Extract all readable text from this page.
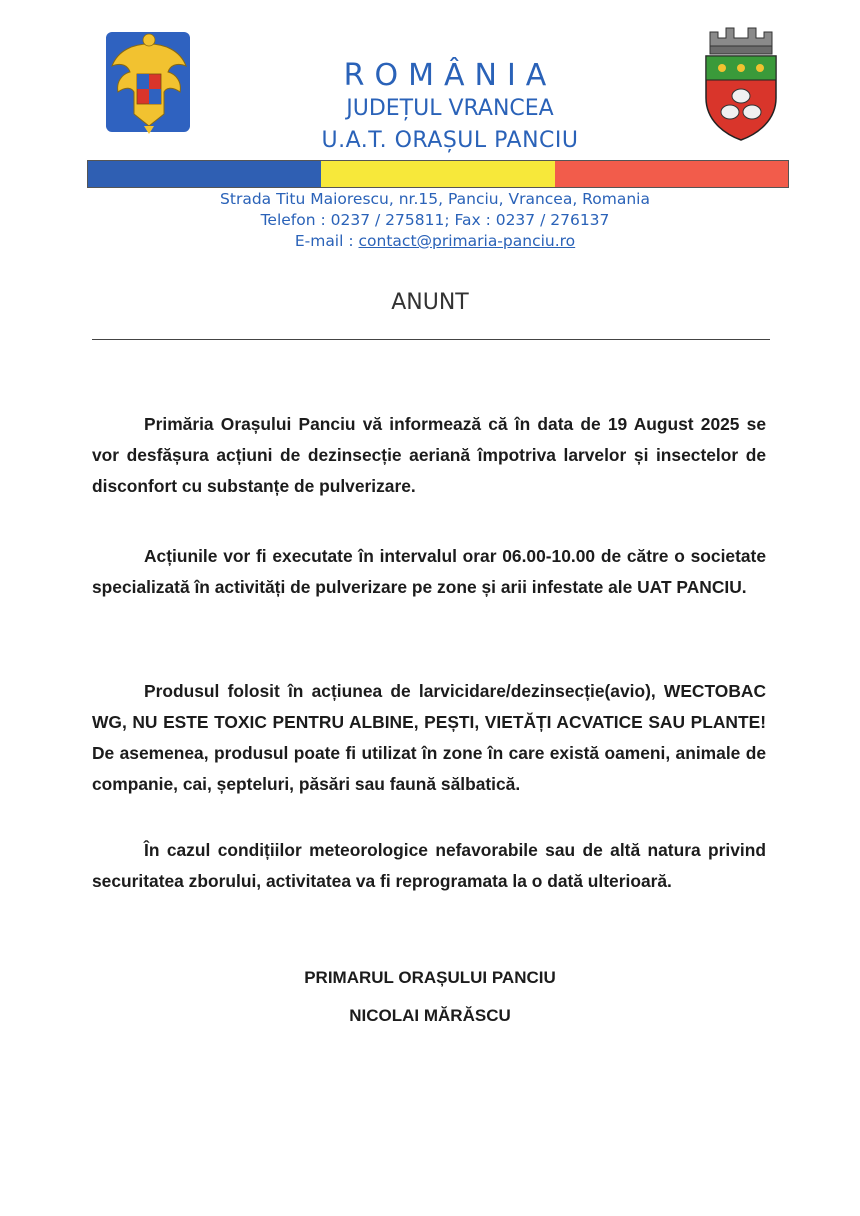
ROMÂNIA
JUDEȚUL VRANCEA
U.A.T. ORAȘUL PANCIU
Strada Titu Maiorescu, nr.15, Panciu, Vrancea, Romania
Telefon : 0237 / 275811; Fax : 0237 / 276137
E-mail : contact@primaria-panciu.ro
ANUNT
Primăria Orașului Panciu vă informează că în data de 19 August 2025 se vor desfășura acțiuni de dezinsecție aeriană împotriva larvelor și insectelor de disconfort cu substanțe de pulverizare.
Acțiunile vor fi executate în intervalul orar 06.00-10.00 de către o societate specializată în activități de pulverizare pe zone și arii infestate ale UAT PANCIU.
Produsul folosit în acțiunea de larvicidare/dezinsecție(avio), WECTOBAC WG, NU ESTE TOXIC PENTRU ALBINE, PEȘTI, VIETĂȚI ACVATICE SAU PLANTE! De asemenea, produsul poate fi utilizat în zone în care există oameni, animale de companie, cai, șepteluri, păsări sau faună sălbatică.
În cazul condițiilor meteorologice nefavorabile sau de altă natura privind securitatea zborului, activitatea va fi reprogramata la o dată ulterioară.
PRIMARUL ORAȘULUI PANCIU
NICOLAI MĂRĂSCU
